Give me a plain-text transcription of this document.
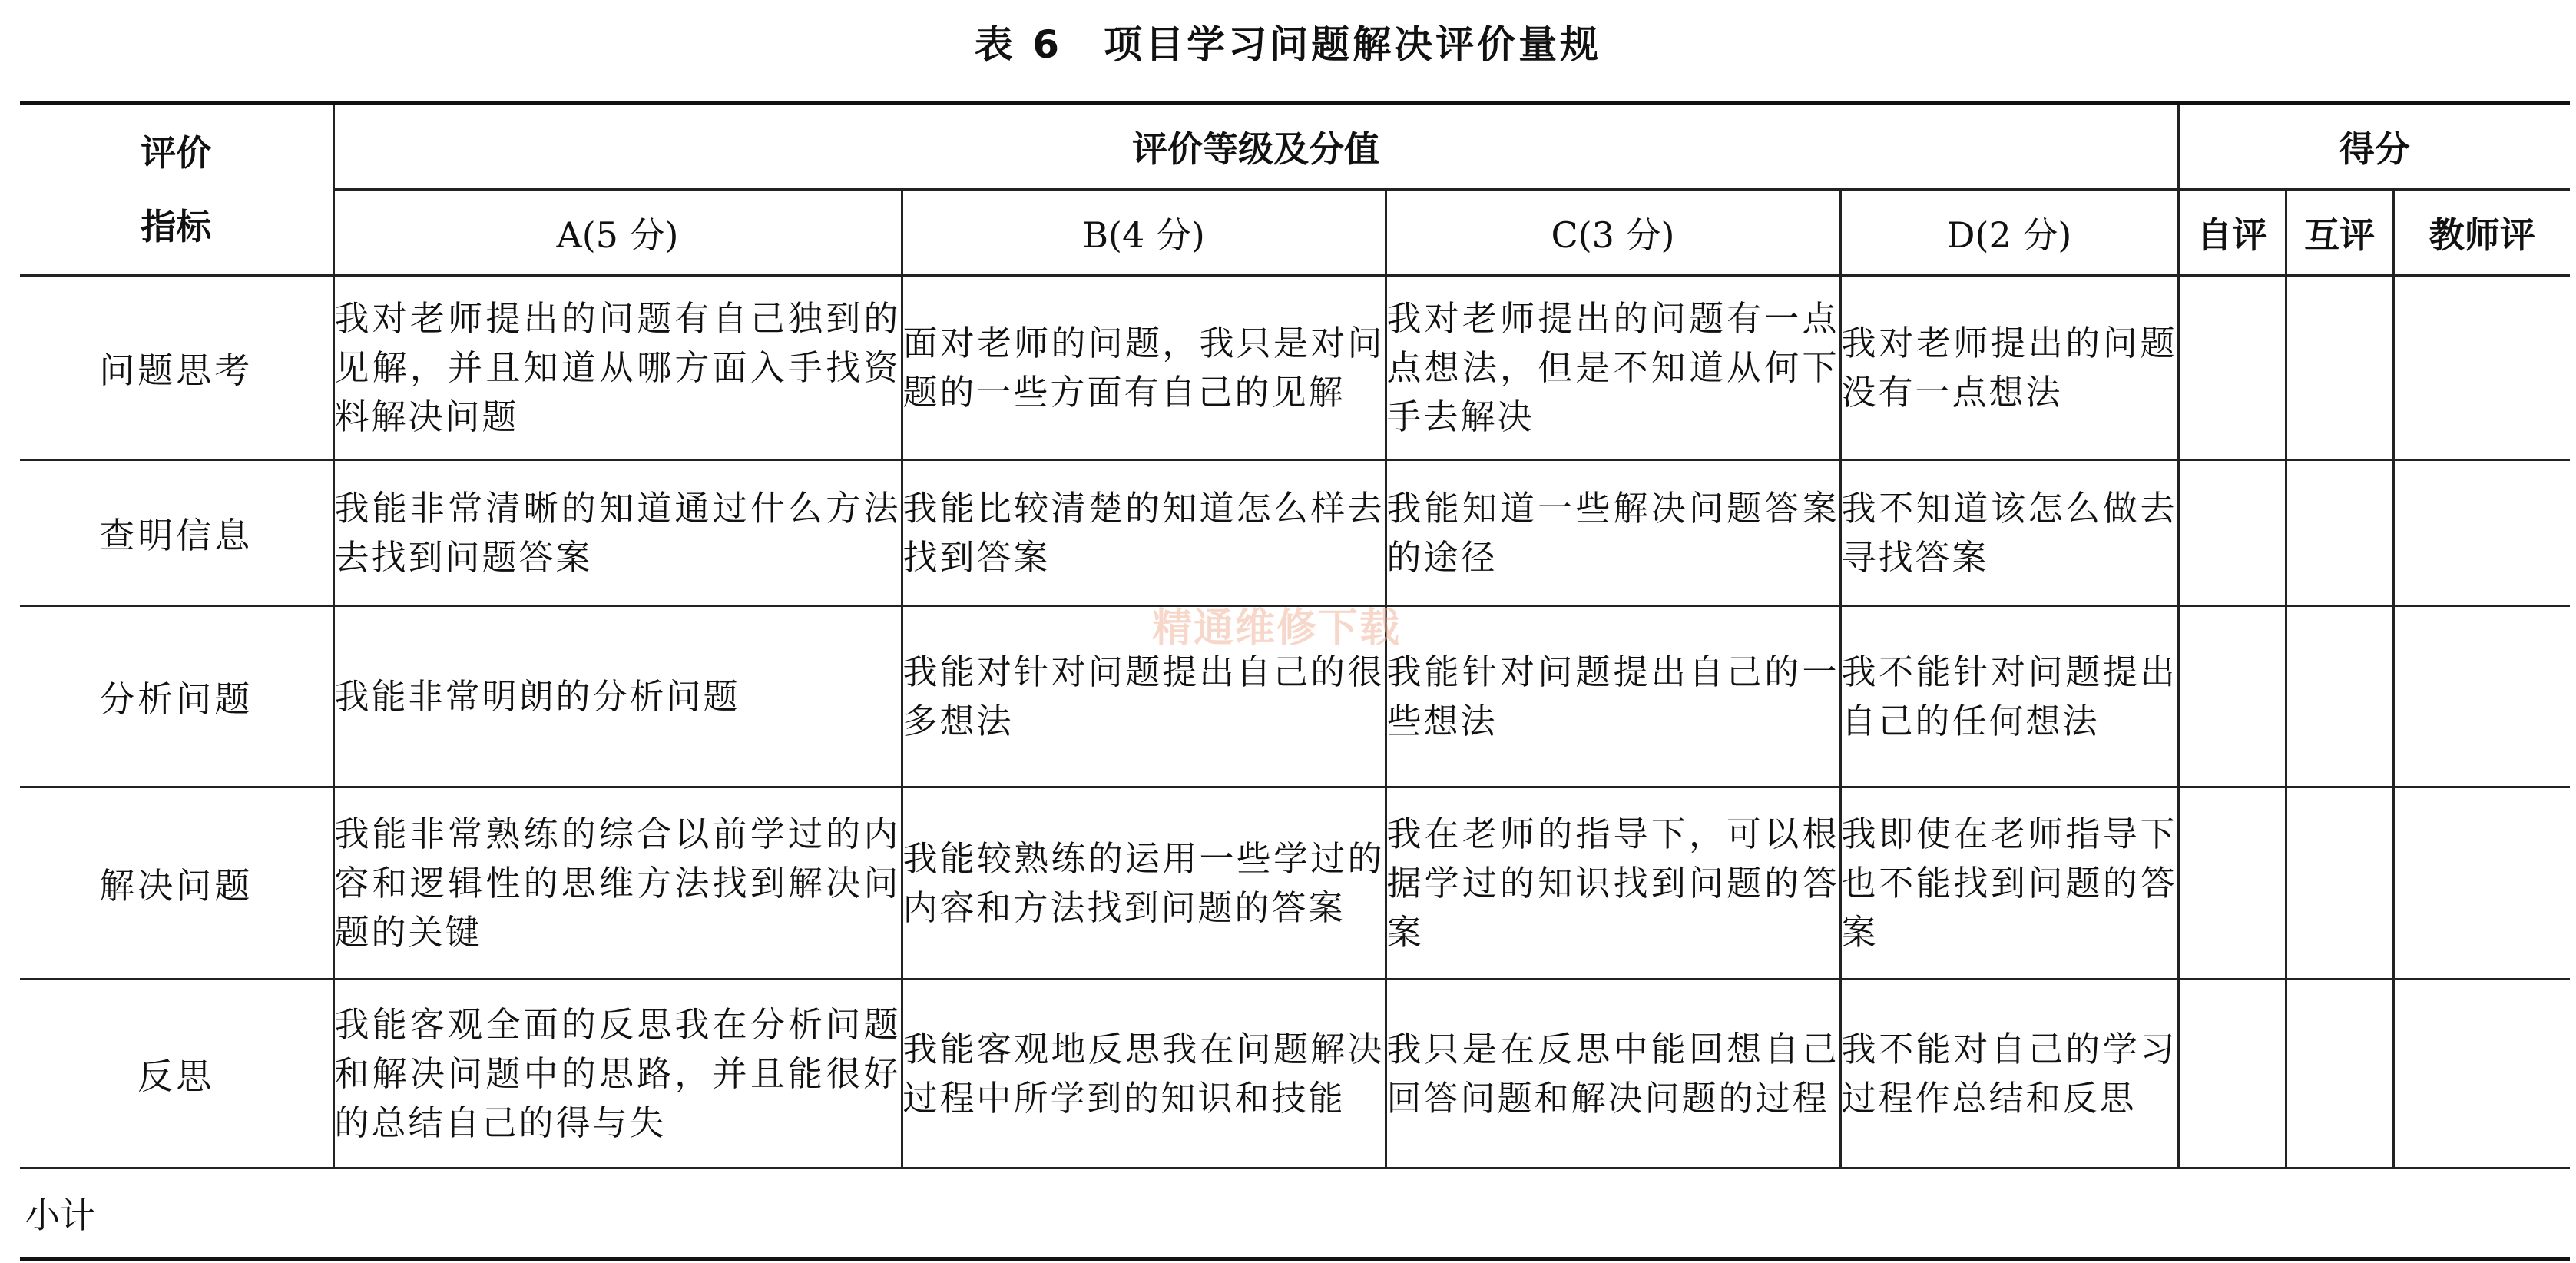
表 6　项目学习问题解决评价量规
评价
指标	评价等级及分值				得分		
	A(5 分)	B(4 分)	C(3 分)	D(2 分)	自评	互评	教师评
问题思考	我对老师提出的问题有自己独到的见解，并且知道从哪方面入手找资料解决问题	面对老师的问题，我只是对问题的一些方面有自己的见解	我对老师提出的问题有一点点想法，但是不知道从何下手去解决	我对老师提出的问题没有一点想法			
查明信息	我能非常清晰的知道通过什么方法去找到问题答案	我能比较清楚的知道怎么样去找到答案	我能知道一些解决问题答案的途径	我不知道该怎么做去寻找答案			
分析问题	我能非常明朗的分析问题	我能对针对问题提出自己的很多想法	我能针对问题提出自己的一些想法	我不能针对问题提出自己的任何想法			
解决问题	我能非常熟练的综合以前学过的内容和逻辑性的思维方法找到解决问题的关键	我能较熟练的运用一些学过的内容和方法找到问题的答案	我在老师的指导下，可以根据学过的知识找到问题的答案	我即使在老师指导下也不能找到问题的答案			
反思	我能客观全面的反思我在分析问题和解决问题中的思路，并且能很好的总结自己的得与失	我能客观地反思我在问题解决过程中所学到的知识和技能	我只是在反思中能回想自己回答问题和解决问题的过程	我不能对自己的学习过程作总结和反思			
小计							
精通维修下载
